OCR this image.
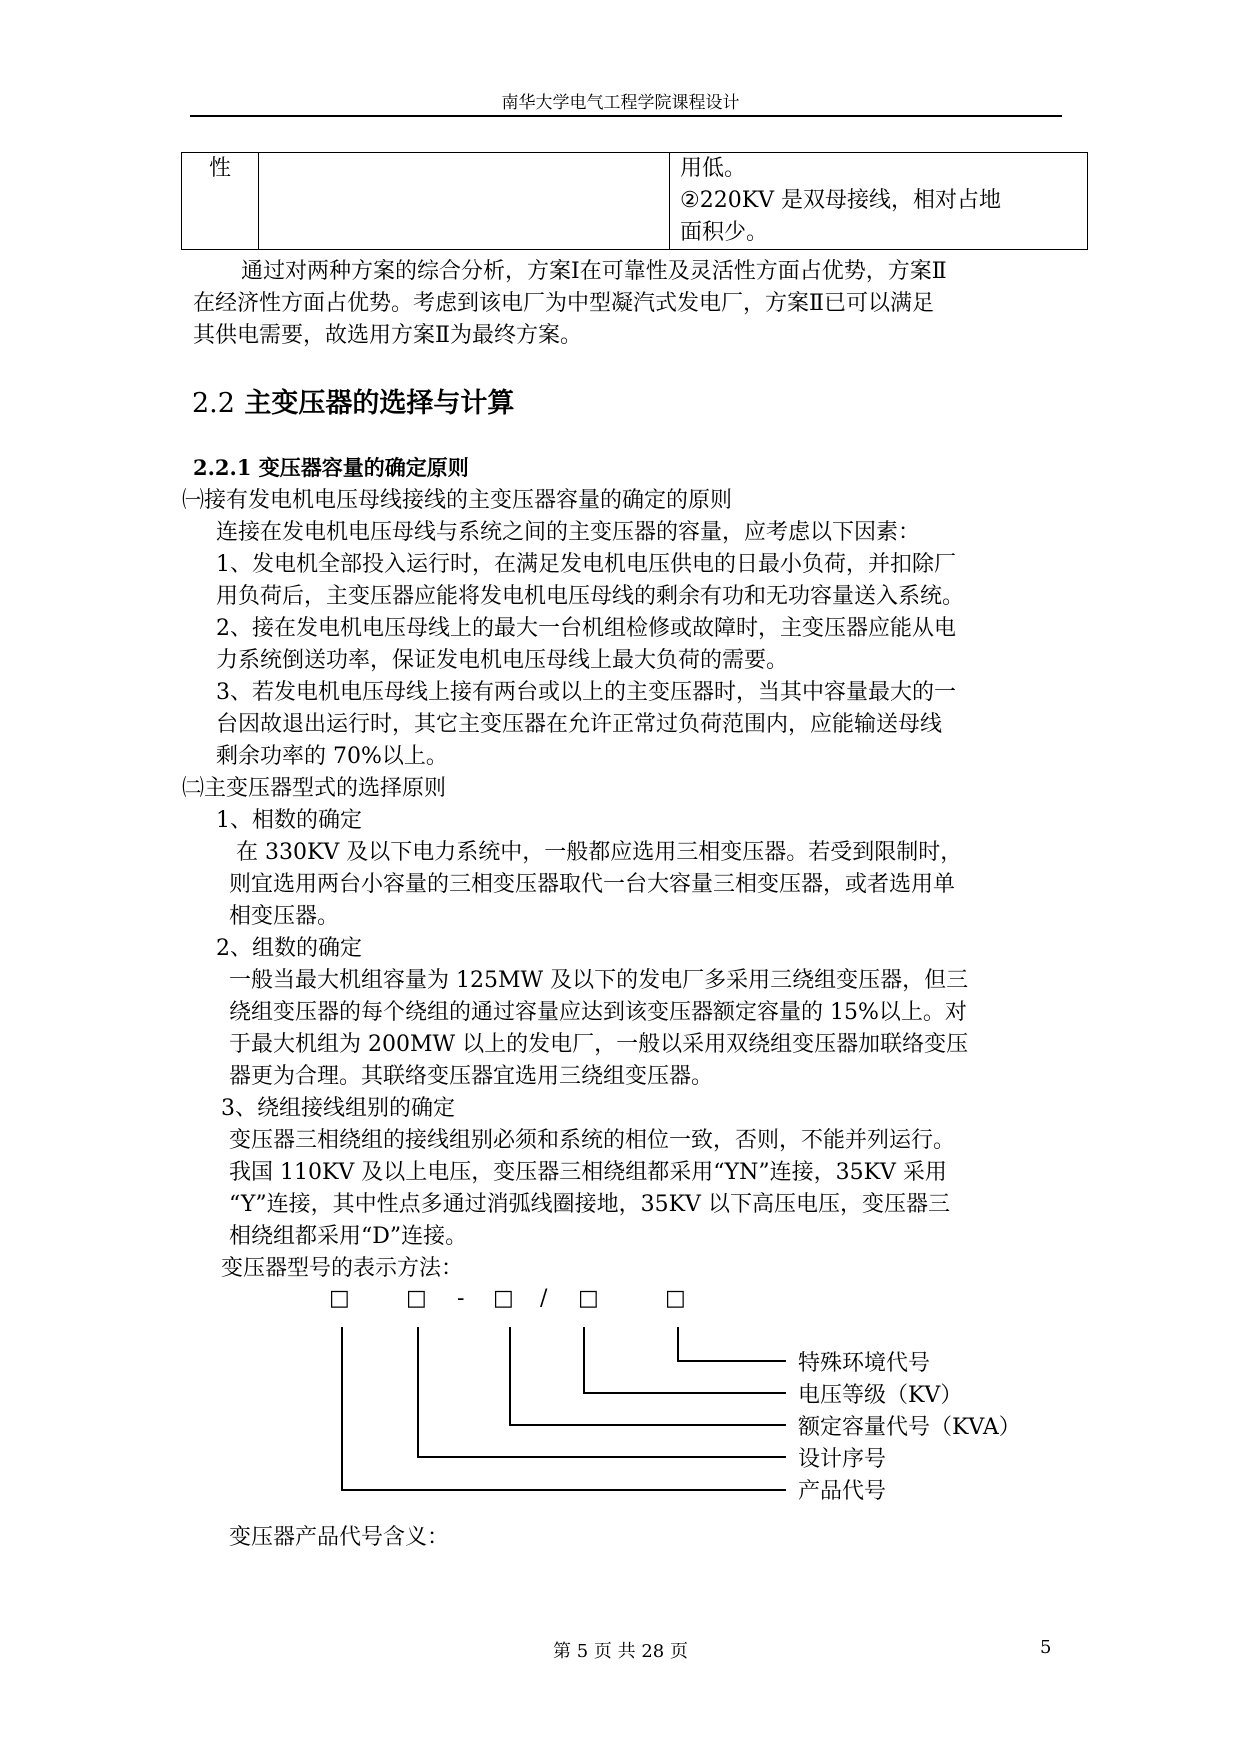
南华大学电气工程学院课程设计
性		用低。
②220KV 是双母接线，相对占地
面积少。
通过对两种方案的综合分析，方案Ⅰ在可靠性及灵活性方面占优势，方案Ⅱ
在经济性方面占优势。考虑到该电厂为中型凝汽式发电厂，方案Ⅱ已可以满足
其供电需要，故选用方案Ⅱ为最终方案。
2.2 主变压器的选择与计算
2.2.1 变压器容量的确定原则
㈠接有发电机电压母线接线的主变压器容量的确定的原则
连接在发电机电压母线与系统之间的主变压器的容量，应考虑以下因素：
1、发电机全部投入运行时，在满足发电机电压供电的日最小负荷，并扣除厂
用负荷后，主变压器应能将发电机电压母线的剩余有功和无功容量送入系统。
2、接在发电机电压母线上的最大一台机组检修或故障时，主变压器应能从电
力系统倒送功率，保证发电机电压母线上最大负荷的需要。
3、若发电机电压母线上接有两台或以上的主变压器时，当其中容量最大的一
台因故退出运行时，其它主变压器在允许正常过负荷范围内，应能输送母线
剩余功率的 70%以上。
㈡主变压器型式的选择原则
1、相数的确定
在 330KV 及以下电力系统中，一般都应选用三相变压器。若受到限制时，
则宜选用两台小容量的三相变压器取代一台大容量三相变压器，或者选用单
相变压器。
2、组数的确定
一般当最大机组容量为 125MW 及以下的发电厂多采用三绕组变压器，但三
绕组变压器的每个绕组的通过容量应达到该变压器额定容量的 15%以上。对
于最大机组为 200MW 以上的发电厂，一般以采用双绕组变压器加联络变压
器更为合理。其联络变压器宜选用三绕组变压器。
3、绕组接线组别的确定
变压器三相绕组的接线组别必须和系统的相位一致，否则，不能并列运行。
我国 110KV 及以上电压，变压器三相绕组都采用“YN”连接，35KV 采用
“Y”连接，其中性点多通过消弧线圈接地，35KV 以下高压电压，变压器三
相绕组都采用“D”连接。
变压器型号的表示方法：
□	□ - □ / □	□
特殊环境代号
电压等级（KV）
额定容量代号（KVA）
设计序号
产品代号
变压器产品代号含义：
第 5 页 共 28 页	5
